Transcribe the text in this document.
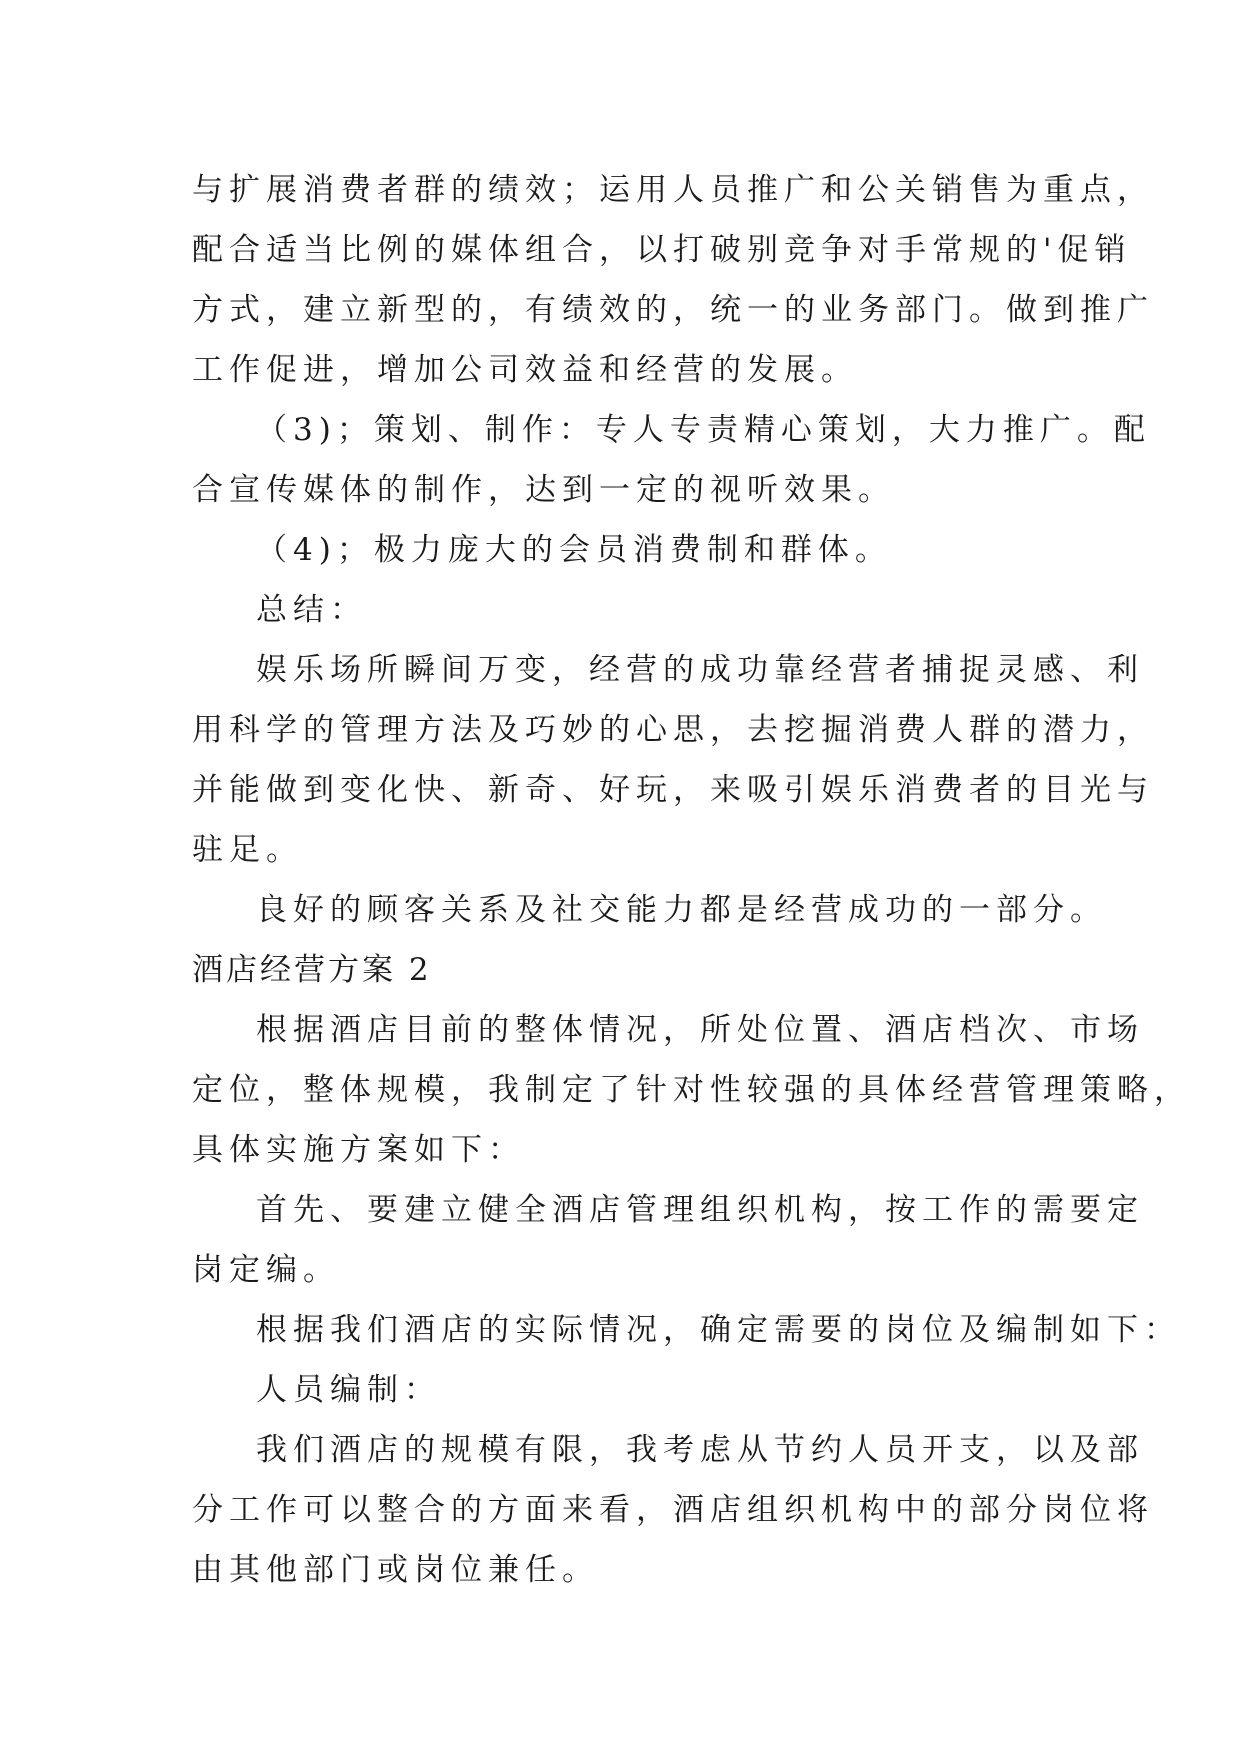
与扩展消费者群的绩效；运用人员推广和公关销售为重点，
配合适当比例的媒体组合，以打破别竞争对手常规的'促销
方式，建立新型的，有绩效的，统一的业务部门。做到推广
工作促进，增加公司效益和经营的发展。
（3)；策划、制作：专人专责精心策划，大力推广。配
合宣传媒体的制作，达到一定的视听效果。
（4)；极力庞大的会员消费制和群体。
总结：
娱乐场所瞬间万变，经营的成功靠经营者捕捉灵感、利
用科学的管理方法及巧妙的心思，去挖掘消费人群的潜力，
并能做到变化快、新奇、好玩，来吸引娱乐消费者的目光与
驻足。
良好的顾客关系及社交能力都是经营成功的一部分。
酒店经营方案 2
根据酒店目前的整体情况，所处位置、酒店档次、市场
定位，整体规模，我制定了针对性较强的具体经营管理策略，
具体实施方案如下：
首先、要建立健全酒店管理组织机构，按工作的需要定
岗定编。
根据我们酒店的实际情况，确定需要的岗位及编制如下：
人员编制：
我们酒店的规模有限，我考虑从节约人员开支，以及部
分工作可以整合的方面来看，酒店组织机构中的部分岗位将
由其他部门或岗位兼任。
